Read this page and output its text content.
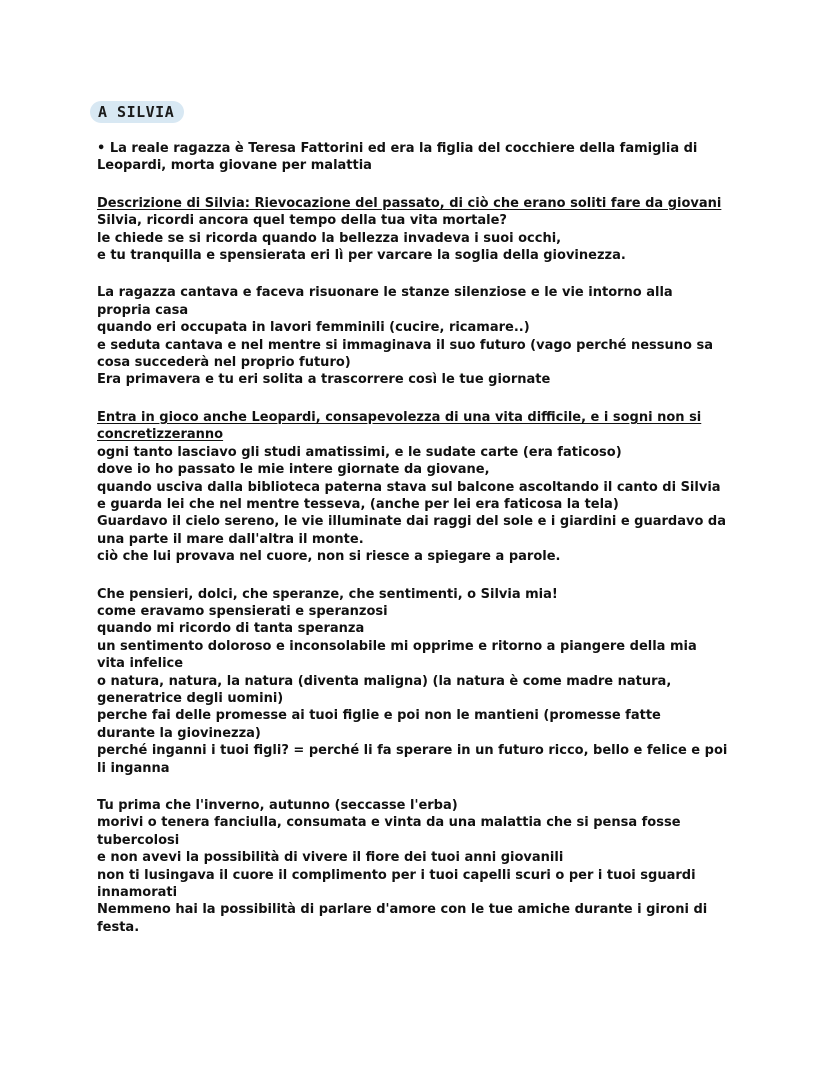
A SILVIA
• La reale ragazza è Teresa Fattorini ed era la figlia del cocchiere della famiglia di
Leopardi, morta giovane per malattia
Descrizione di Silvia: Rievocazione del passato, di ciò che erano soliti fare da giovani
Silvia, ricordi ancora quel tempo della tua vita mortale?
le chiede se si ricorda quando la bellezza invadeva i suoi occhi,
e tu tranquilla e spensierata eri lì per varcare la soglia della giovinezza.
La ragazza cantava e faceva risuonare le stanze silenziose e le vie intorno alla
propria casa
quando eri occupata in lavori femminili (cucire, ricamare..)
e seduta cantava e nel mentre si immaginava il suo futuro (vago perché nessuno sa
cosa succederà nel proprio futuro)
Era primavera e tu eri solita a trascorrere così le tue giornate
Entra in gioco anche Leopardi, consapevolezza di una vita difficile, e i sogni non si
concretizzeranno
ogni tanto lasciavo gli studi amatissimi, e le sudate carte (era faticoso)
dove io ho passato le mie intere giornate da giovane,
quando usciva dalla biblioteca paterna stava sul balcone ascoltando il canto di Silvia
e guarda lei che nel mentre tesseva, (anche per lei era faticosa la tela)
Guardavo il cielo sereno, le vie illuminate dai raggi del sole e i giardini e guardavo da
una parte il mare dall'altra il monte.
ciò che lui provava nel cuore, non si riesce a spiegare a parole.
Che pensieri, dolci, che speranze, che sentimenti, o Silvia mia!
come eravamo spensierati e speranzosi
quando mi ricordo di tanta speranza
un sentimento doloroso e inconsolabile mi opprime e ritorno a piangere della mia
vita infelice
o natura, natura, la natura (diventa maligna) (la natura è come madre natura,
generatrice degli uomini)
perche fai delle promesse ai tuoi figlie e poi non le mantieni (promesse fatte
durante la giovinezza)
perché inganni i tuoi figli? = perché li fa sperare in un futuro ricco, bello e felice e poi
li inganna
Tu prima che l'inverno, autunno (seccasse l'erba)
morivi o tenera fanciulla, consumata e vinta da una malattia che si pensa fosse
tubercolosi
e non avevi la possibilità di vivere il fiore dei tuoi anni giovanili
non ti lusingava il cuore il complimento per i tuoi capelli scuri o per i tuoi sguardi
innamorati
Nemmeno hai la possibilità di parlare d'amore con le tue amiche durante i gironi di
festa.
